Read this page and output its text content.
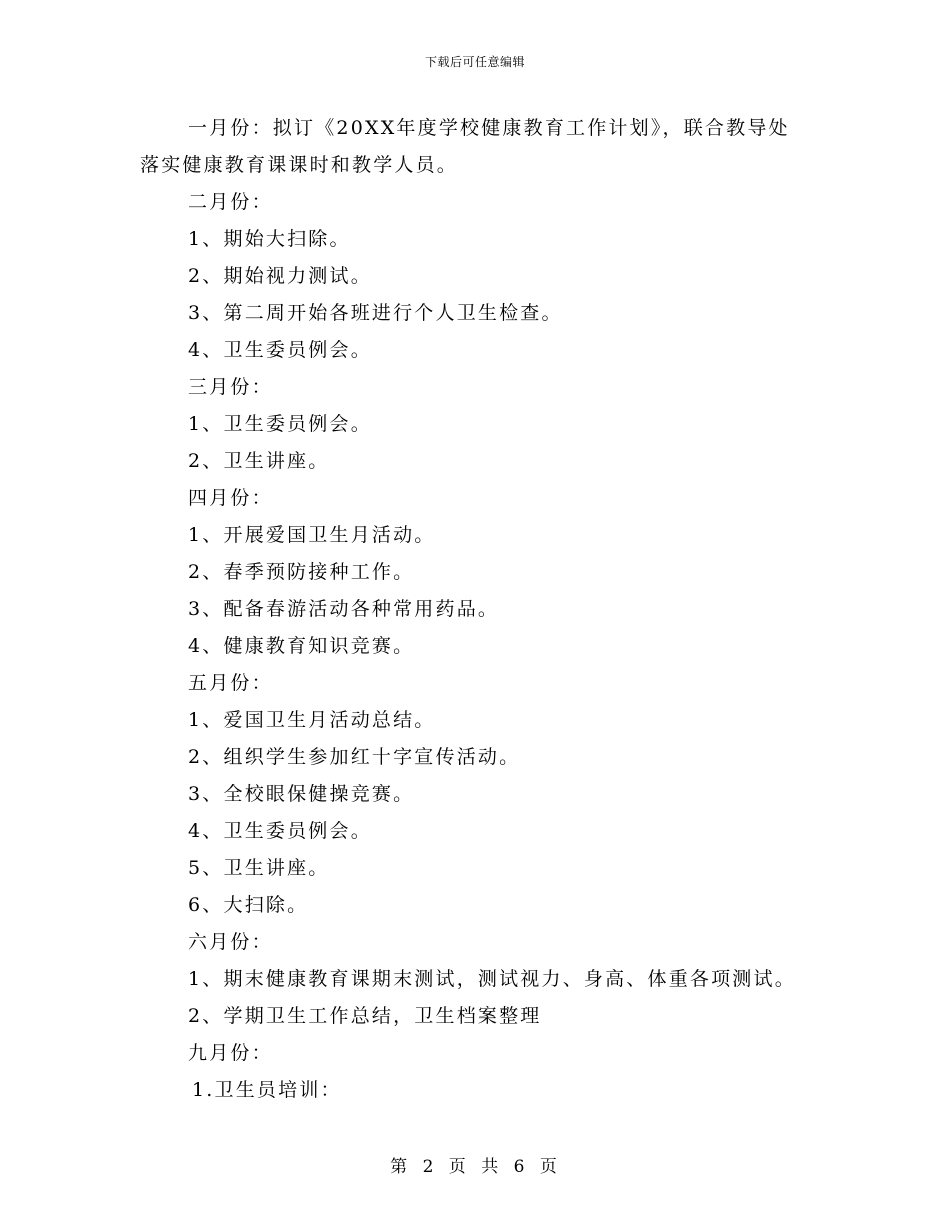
下载后可任意编辑
一月份：拟订《20XX年度学校健康教育工作计划》，联合教导处
落实健康教育课课时和教学人员。
二月份：
1、期始大扫除。
2、期始视力测试。
3、第二周开始各班进行个人卫生检查。
4、卫生委员例会。
三月份：
1、卫生委员例会。
2、卫生讲座。
四月份：
1、开展爱国卫生月活动。
2、春季预防接种工作。
3、配备春游活动各种常用药品。
4、健康教育知识竞赛。
五月份：
1、爱国卫生月活动总结。
2、组织学生参加红十字宣传活动。
3、全校眼保健操竞赛。
4、卫生委员例会。
5、卫生讲座。
6、大扫除。
六月份：
1、期末健康教育课期末测试，测试视力、身高、体重各项测试。
2、学期卫生工作总结，卫生档案整理
九月份：
1.卫生员培训：
第 2 页 共 6 页
